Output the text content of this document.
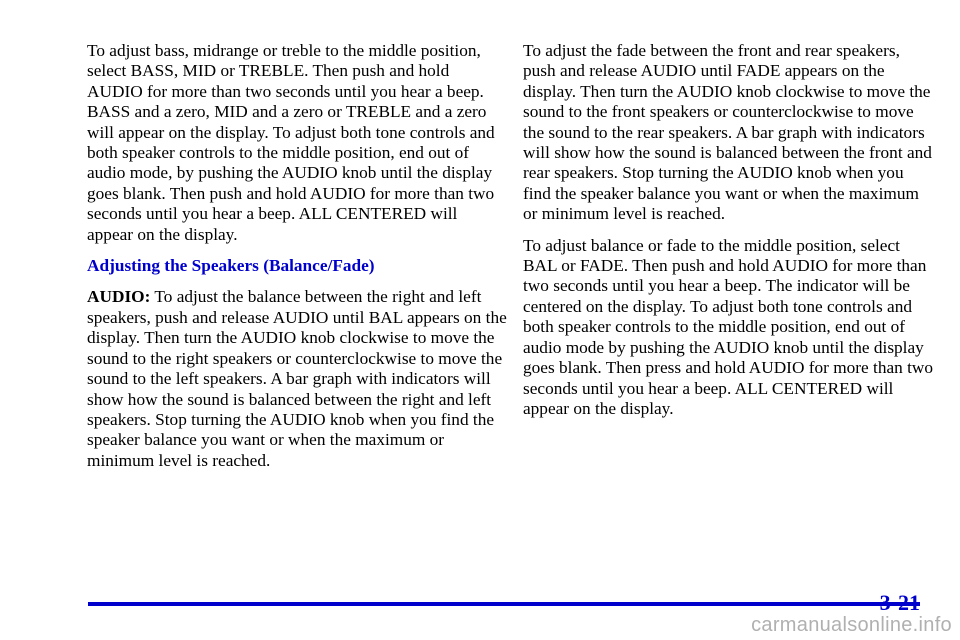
To adjust bass, midrange or treble to the middle position, select BASS, MID or TREBLE. Then push and hold AUDIO for more than two seconds until you hear a beep. BASS and a zero, MID and a zero or TREBLE and a zero will appear on the display. To adjust both tone controls and both speaker controls to the middle position, end out of audio mode, by pushing the AUDIO knob until the display goes blank. Then push and hold AUDIO for more than two seconds until you hear a beep. ALL CENTERED will appear on the display.

Adjusting the Speakers (Balance/Fade)

AUDIO: To adjust the balance between the right and left speakers, push and release AUDIO until BAL appears on the display. Then turn the AUDIO knob clockwise to move the sound to the right speakers or counterclockwise to move the sound to the left speakers. A bar graph with indicators will show how the sound is balanced between the right and left speakers. Stop turning the AUDIO knob when you find the speaker balance you want or when the maximum or minimum level is reached.

To adjust the fade between the front and rear speakers, push and release AUDIO until FADE appears on the display. Then turn the AUDIO knob clockwise to move the sound to the front speakers or counterclockwise to move the sound to the rear speakers. A bar graph with indicators will show how the sound is balanced between the front and rear speakers. Stop turning the AUDIO knob when you find the speaker balance you want or when the maximum or minimum level is reached.

To adjust balance or fade to the middle position, select BAL or FADE. Then push and hold AUDIO for more than two seconds until you hear a beep. The indicator will be centered on the display. To adjust both tone controls and both speaker controls to the middle position, end out of audio mode by pushing the AUDIO knob until the display goes blank. Then press and hold AUDIO for more than two seconds until you hear a beep. ALL CENTERED will appear on the display.

carmanualsonline.info
